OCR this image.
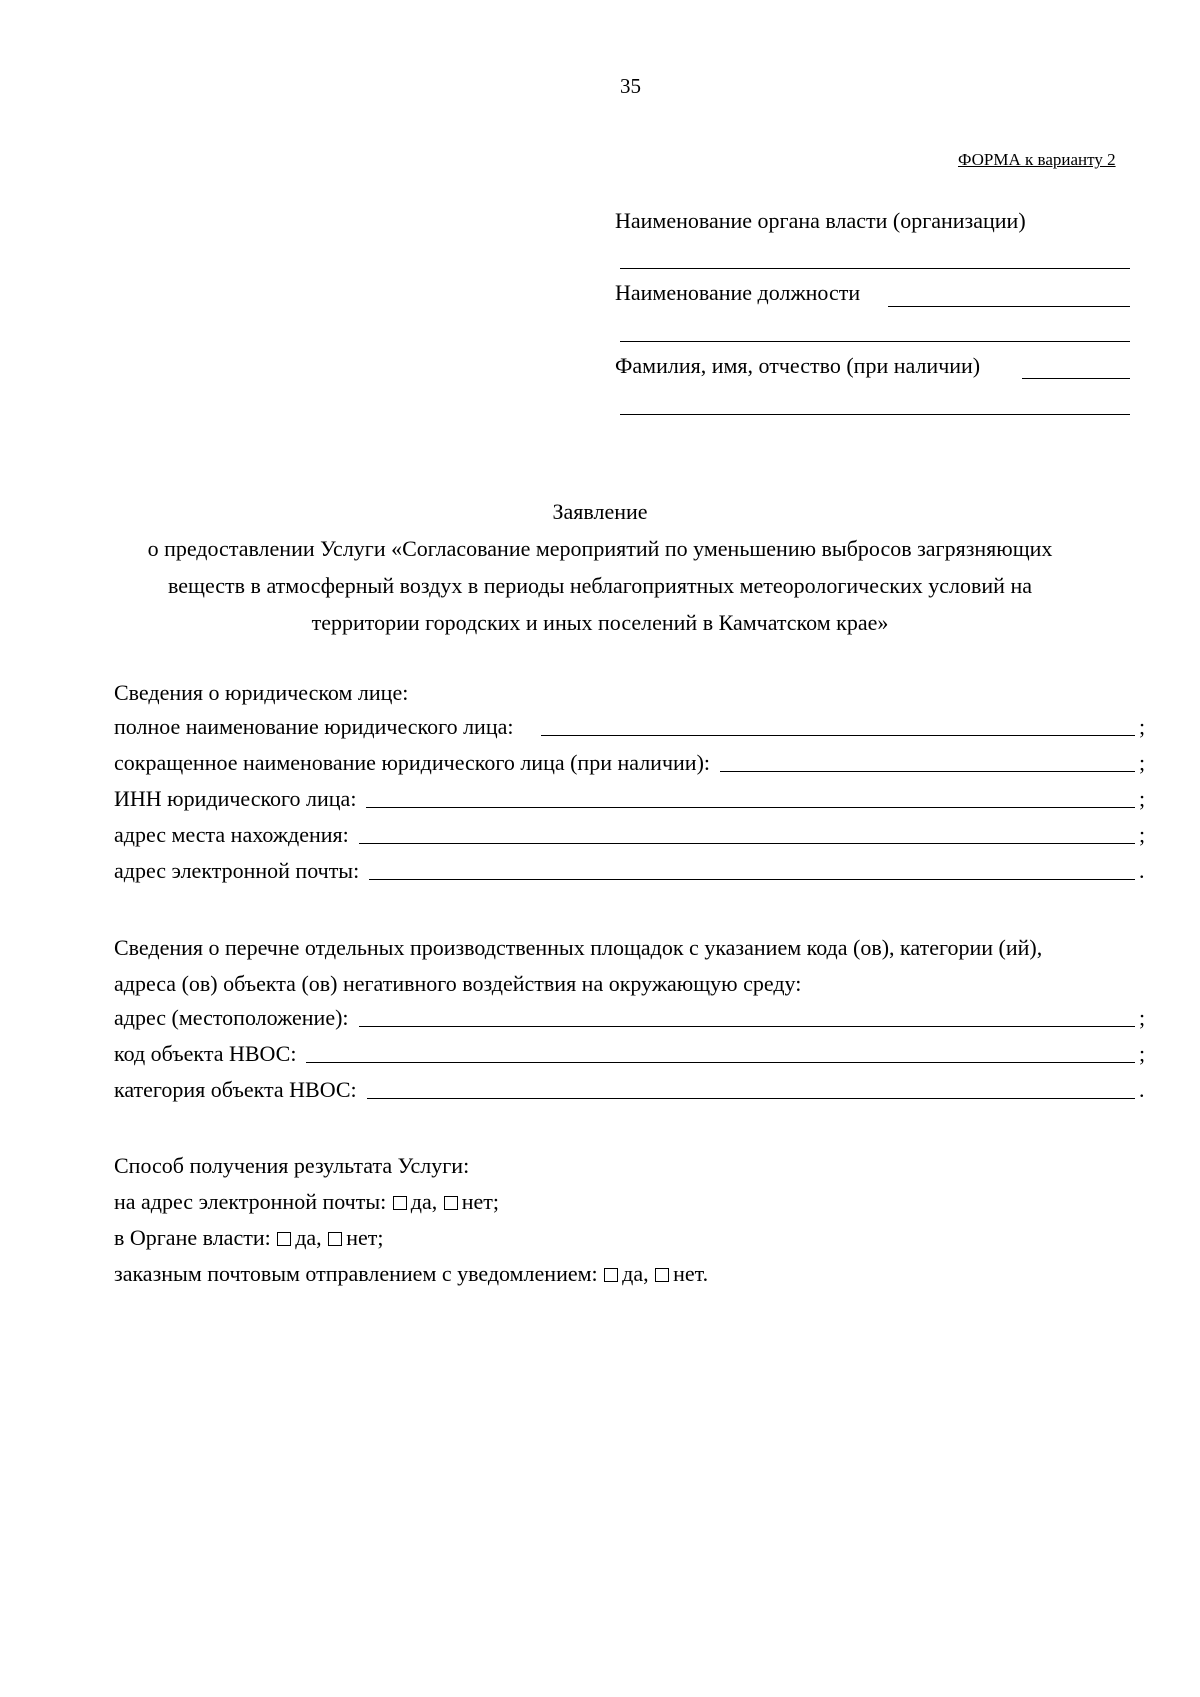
35
ФОРМА к варианту 2
Наименование органа власти (организации)
Наименование должности
Фамилия, имя, отчество (при наличии)
Заявление
о предоставлении Услуги «Согласование мероприятий по уменьшению выбросов загрязняющих
веществ в атмосферный воздух в периоды неблагоприятных метеорологических условий на
территории городских и иных поселений в Камчатском крае»
Сведения о юридическом лице:
полное наименование юридического лица:	;
сокращенное наименование юридического лица (при наличии):	;
ИНН юридического лица:	;
адрес места нахождения:	;
адрес электронной почты:	.
Сведения о перечне отдельных производственных площадок с указанием кода (ов), категории (ий),
адреса (ов) объекта (ов) негативного воздействия на окружающую среду:
адрес (местоположение):	;
код объекта НВОС:	;
категория объекта НВОС:	.
Способ получения результата Услуги:
на адрес электронной почты: да, нет;
в Органе власти: да, нет;
заказным почтовым отправлением с уведомлением: да, нет.
